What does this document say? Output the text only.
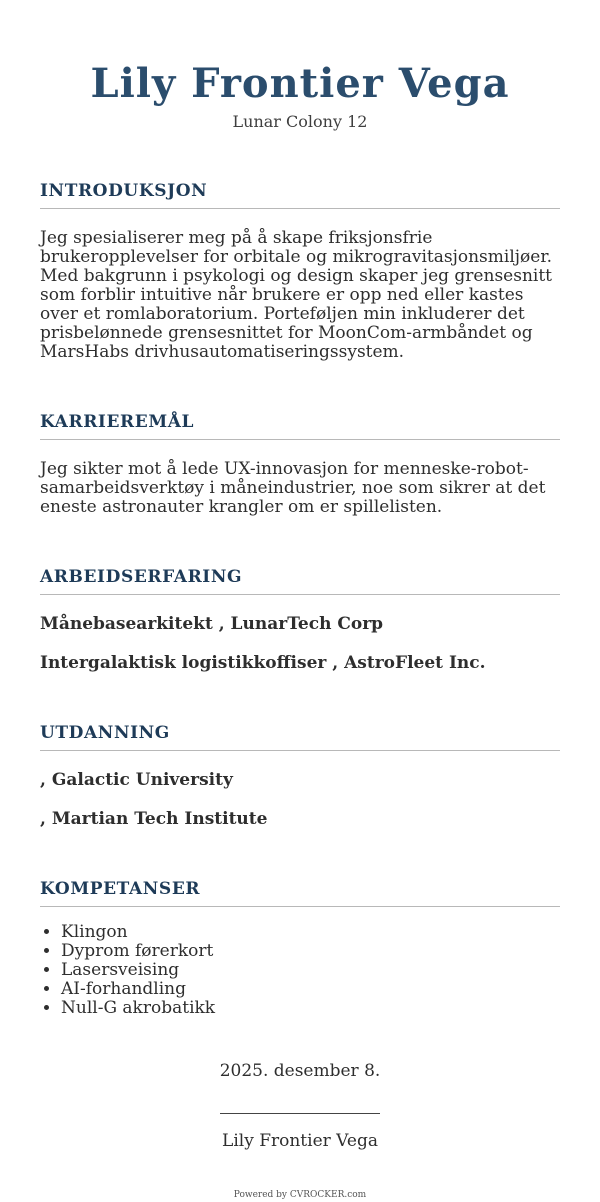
Lily Frontier Vega

Lunar Colony 12

INTRODUKSJON

Jeg spesialiserer meg på å skape friksjonsfrie brukeropplevelser for orbitale og mikrogravitasjonsmiljøer. Med bakgrunn i psykologi og design skaper jeg grensesnitt som forblir intuitive når brukere er opp ned eller kastes over et romlaboratorium. Porteføljen min inkluderer det prisbelønnede grensesnittet for MoonCom-armbåndet og MarsHabs drivhusautomatiseringssystem.

KARRIEREMÅL

Jeg sikter mot å lede UX-innovasjon for menneske-robot-samarbeidsverktøy i måneindustrier, noe som sikrer at det eneste astronauter krangler om er spillelisten.

ARBEIDSERFARING

Månebasearkitekt , LunarTech Corp

Intergalaktisk logistikkoffiser , AstroFleet Inc.

UTDANNING

, Galactic University

, Martian Tech Institute

KOMPETANSER
• Klingon
• Dyprom førerkort
• Lasersveising
• AI-forhandling
• Null-G akrobatikk

2025. desember 8.

Lily Frontier Vega

Powered by CVROCKER.com
